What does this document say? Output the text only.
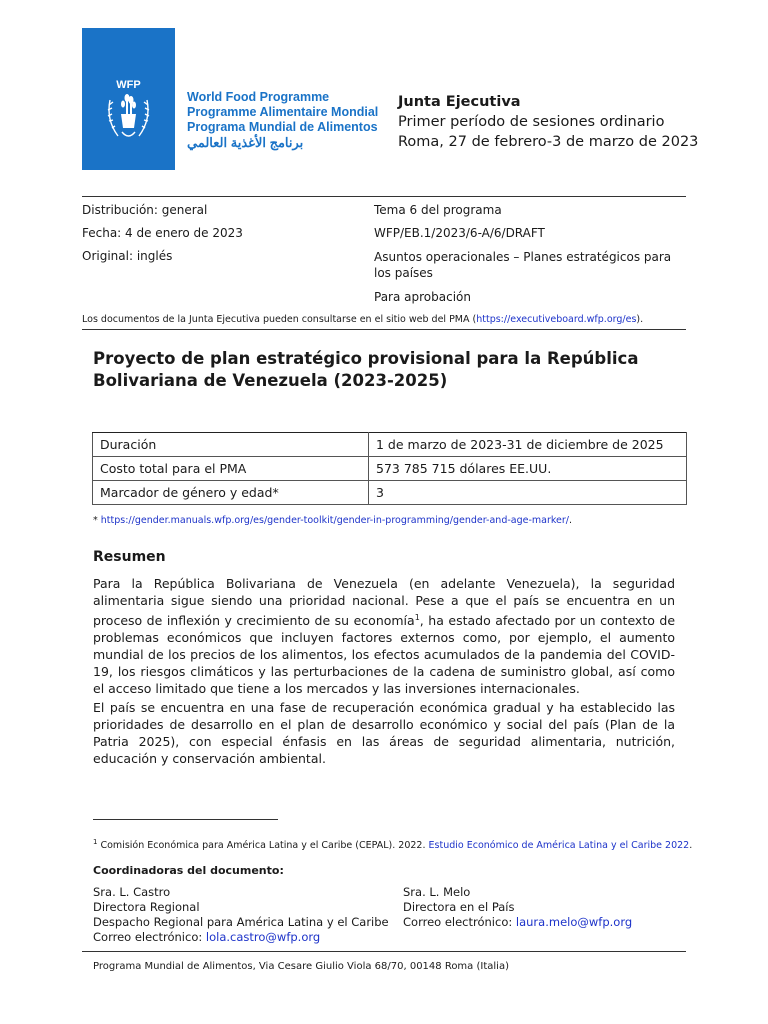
WFP
World Food Programme
Programme Alimentaire Mondial
Programa Mundial de Alimentos
برنامج الأغذية العالمي
Junta Ejecutiva
Primer período de sesiones ordinario
Roma, 27 de febrero-3 de marzo de 2023
Distribución: general
Fecha: 4 de enero de 2023
Original: inglés
Tema 6 del programa
WFP/EB.1/2023/6-A/6/DRAFT
Asuntos operacionales – Planes estratégicos para los países
Para aprobación
Los documentos de la Junta Ejecutiva pueden consultarse en el sitio web del PMA (https://executiveboard.wfp.org/es).
Proyecto de plan estratégico provisional para la República Bolivariana de Venezuela (2023-2025)
Duración	1 de marzo de 2023-31 de diciembre de 2025
Costo total para el PMA	573 785 715 dólares EE.UU.
Marcador de género y edad*	3
* https://gender.manuals.wfp.org/es/gender-toolkit/gender-in-programming/gender-and-age-marker/.
Resumen
Para la República Bolivariana de Venezuela (en adelante Venezuela), la seguridad alimentaria sigue siendo una prioridad nacional. Pese a que el país se encuentra en un proceso de inflexión y crecimiento de su economía$^1$, ha estado afectado por un contexto de problemas económicos que incluyen factores externos como, por ejemplo, el aumento mundial de los precios de los alimentos, los efectos acumulados de la pandemia del COVID-19, los riesgos climáticos y las perturbaciones de la cadena de suministro global, así como el acceso limitado que tiene a los mercados y las inversiones internacionales.
El país se encuentra en una fase de recuperación económica gradual y ha establecido las prioridades de desarrollo en el plan de desarrollo económico y social del país (Plan de la Patria 2025), con especial énfasis en las áreas de seguridad alimentaria, nutrición, educación y conservación ambiental.
$^1$ Comisión Económica para América Latina y el Caribe (CEPAL). 2022. Estudio Económico de América Latina y el Caribe 2022.
Coordinadoras del documento:
Sra. L. Castro
Directora Regional
Despacho Regional para América Latina y el Caribe
Correo electrónico: lola.castro@wfp.org
Sra. L. Melo
Directora en el País
Correo electrónico: laura.melo@wfp.org
Programa Mundial de Alimentos, Via Cesare Giulio Viola 68/70, 00148 Roma (Italia)
